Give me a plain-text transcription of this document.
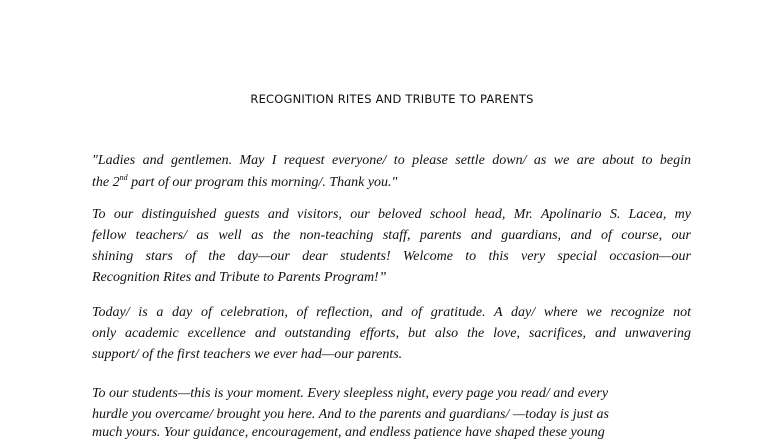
RECOGNITION RITES AND TRIBUTE TO PARENTS
"Ladies and gentlemen. May I request everyone/ to please settle down/ as we are about to begin
the 2nd part of our program this morning/. Thank you."
To our distinguished guests and visitors, our beloved school head, Mr. Apolinario S. Lacea, my
fellow teachers/ as well as the non-teaching staff, parents and guardians, and of course, our
shining stars of the day—our dear students! Welcome to this very special occasion—our
Recognition Rites and Tribute to Parents Program!”
Today/ is a day of celebration, of reflection, and of gratitude. A day/ where we recognize not
only academic excellence and outstanding efforts, but also the love, sacrifices, and unwavering
support/ of the first teachers we ever had—our parents.
To our students—this is your moment. Every sleepless night, every page you read/ and every
hurdle you overcame/ brought you here. And to the parents and guardians/ —today is just as
much yours. Your guidance, encouragement, and endless patience have shaped these young
